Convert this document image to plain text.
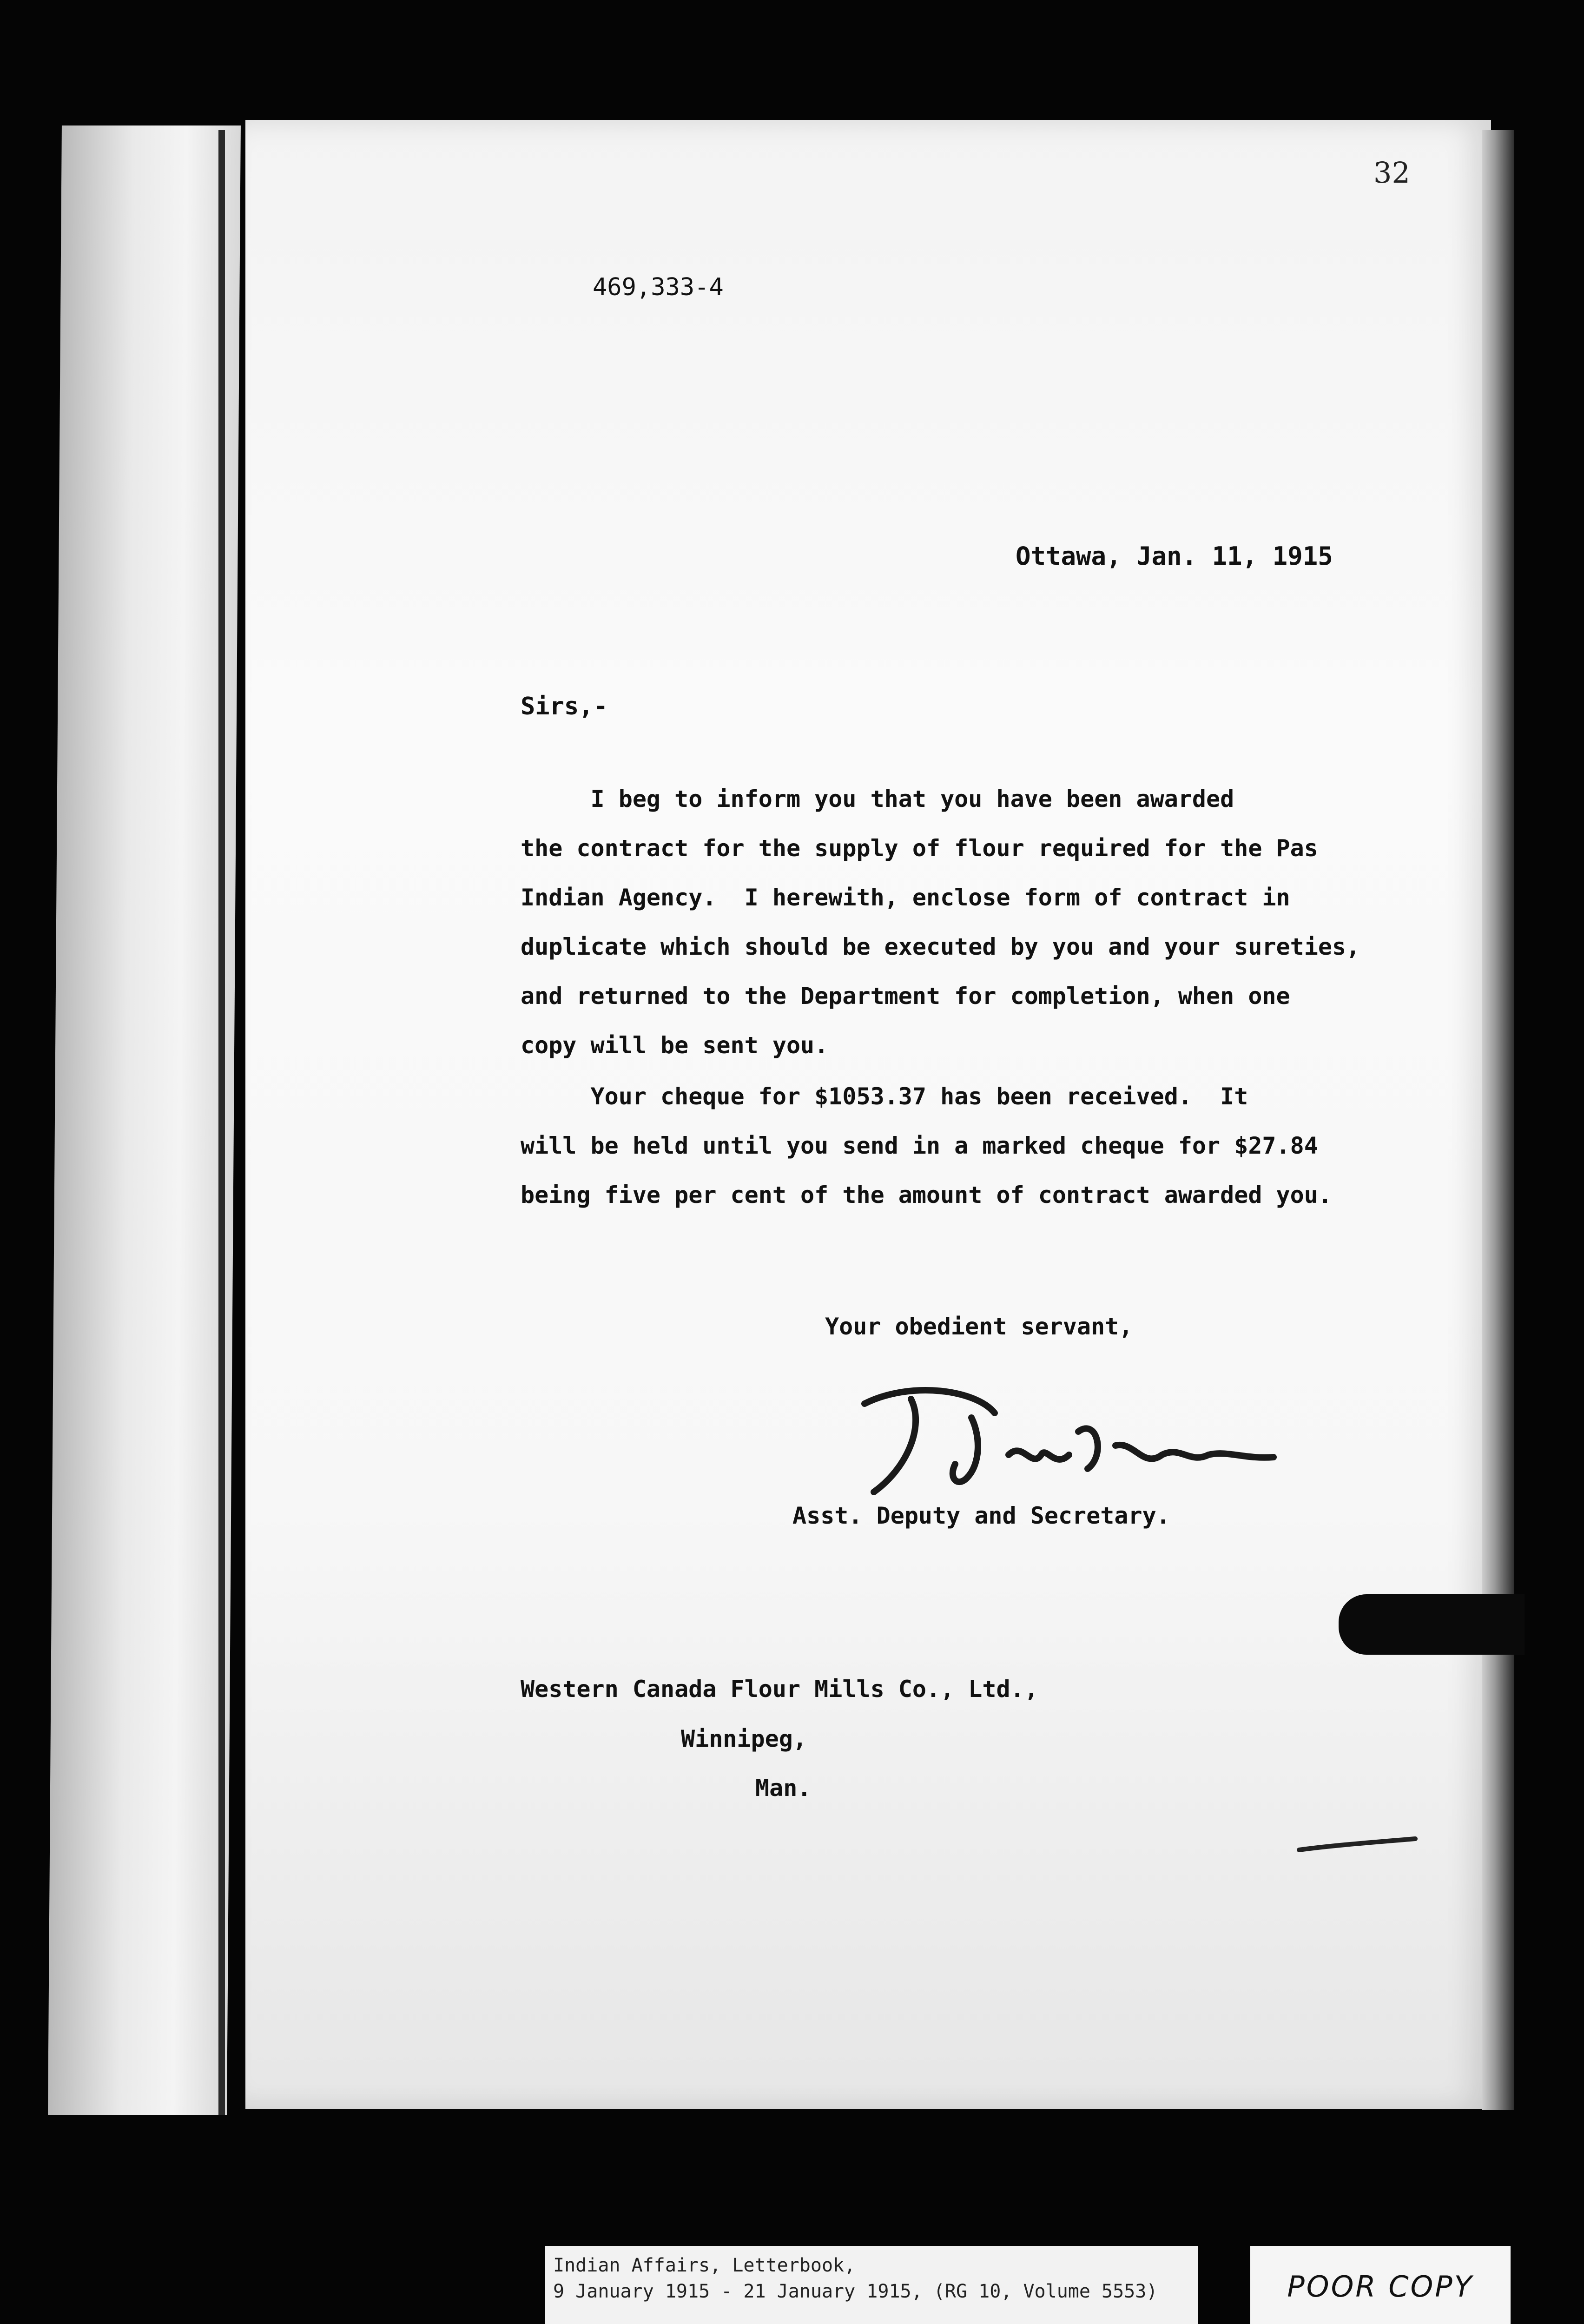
32
469,333-4
Ottawa, Jan. 11, 1915
Sirs,-
I beg to inform you that you have been awarded
the contract for the supply of flour required for the Pas
Indian Agency.  I herewith, enclose form of contract in
duplicate which should be executed by you and your sureties,
and returned to the Department for completion, when one
copy will be sent you.
Your cheque for $1053.37 has been received.  It
will be held until you send in a marked cheque for $27.84
being five per cent of the amount of contract awarded you.
Your obedient servant,
Asst. Deputy and Secretary.
Western Canada Flour Mills Co., Ltd.,
Winnipeg,
Man.
Indian Affairs, Letterbook,
9 January 1915 - 21 January 1915, (RG 10, Volume 5553)	POOR COPY
